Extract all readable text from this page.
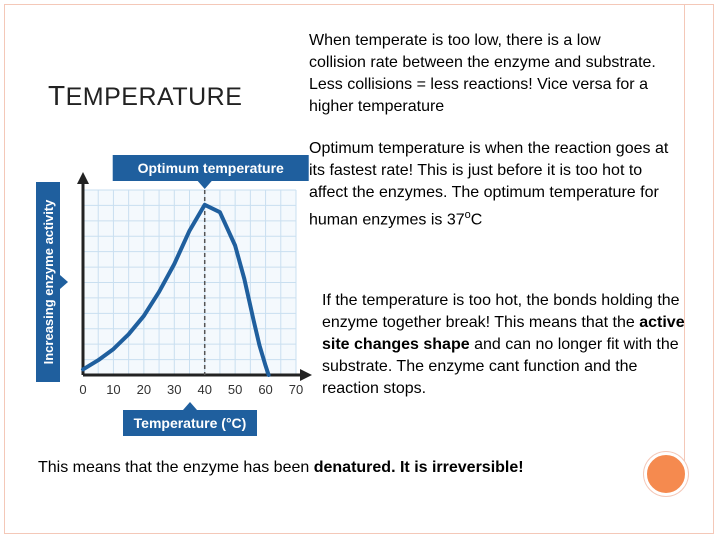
TEMPERATURE
When temperate is too low, there is a low collision rate between the enzyme and substrate. Less collisions = less reactions! Vice versa for a higher temperature
Optimum temperature is when the reaction goes at its fastest rate! This is just before it is too hot to affect the enzymes. The optimum temperature for human enzymes is 37$^o$C
If the temperature is too hot, the bonds holding the enzyme together break! This means that the active site changes shape and can no longer fit with the substrate. The enzyme cant function and the reaction stops.
This means that the enzyme has been denatured. It is irreversible!
0 10 20 30 40 50 60 70
Optimum temperature
Temperature (°C)
Increasing enzyme activity
